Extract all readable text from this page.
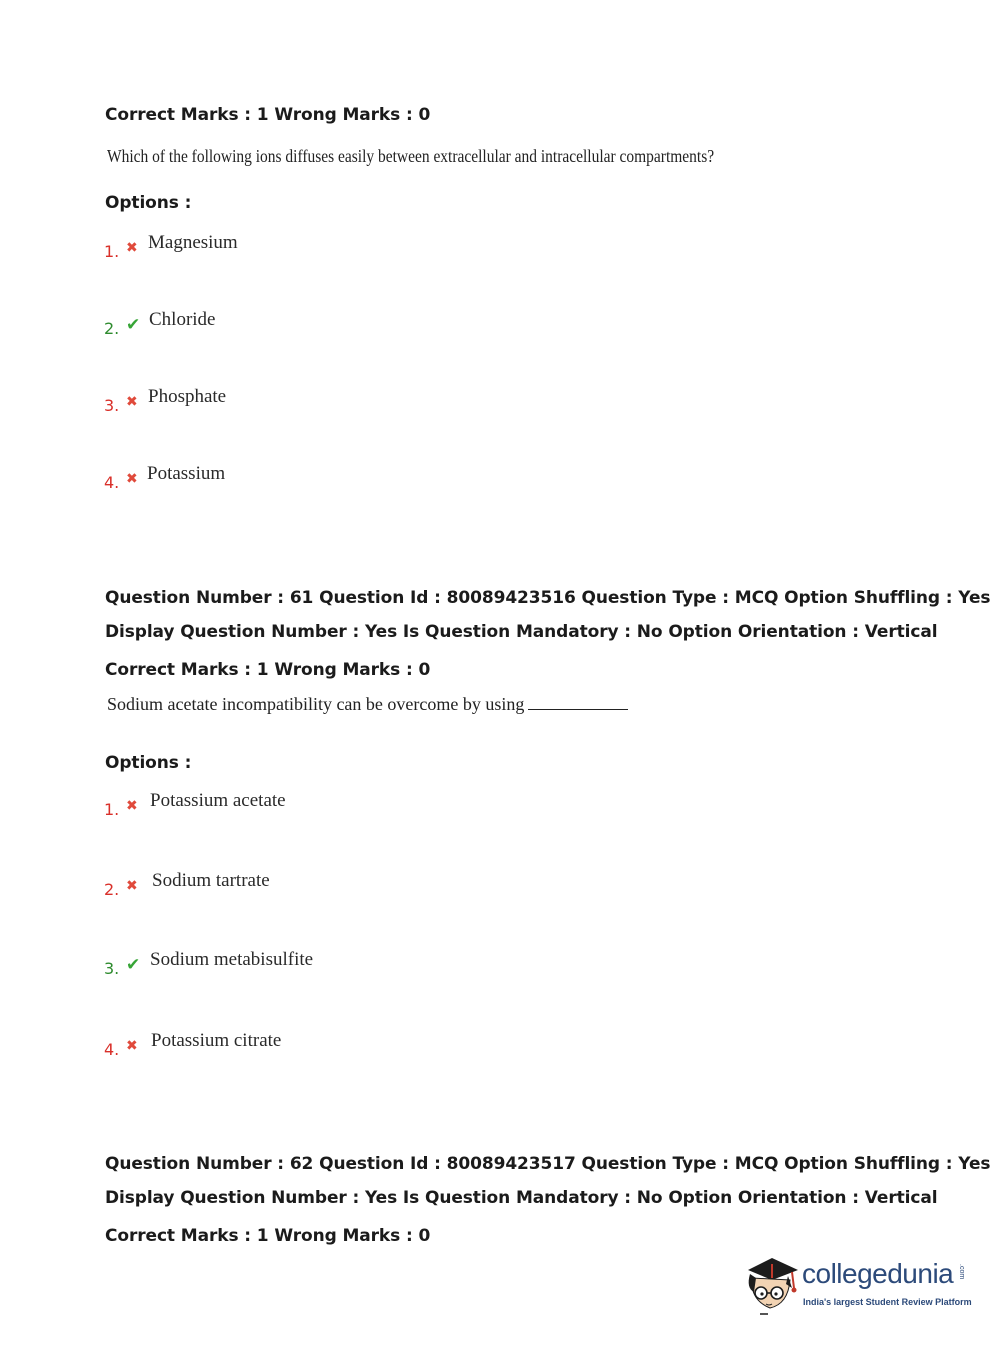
Correct Marks : 1 Wrong Marks : 0
Which of the following ions diffuses easily between extracellular and intracellular compartments?
Options :
1. ✖ Magnesium
2. ✔ Chloride
3. ✖ Phosphate
4. ✖ Potassium
Question Number : 61 Question Id : 80089423516 Question Type : MCQ Option Shuffling : Yes
Display Question Number : Yes Is Question Mandatory : No Option Orientation : Vertical
Correct Marks : 1 Wrong Marks : 0
Sodium acetate incompatibility can be overcome by using
Options :
1. ✖ Potassium acetate
2. ✖ Sodium tartrate
3. ✔ Sodium metabisulfite
4. ✖ Potassium citrate
Question Number : 62 Question Id : 80089423517 Question Type : MCQ Option Shuffling : Yes
Display Question Number : Yes Is Question Mandatory : No Option Orientation : Vertical
Correct Marks : 1 Wrong Marks : 0
collegedunia .com
India's largest Student Review Platform
